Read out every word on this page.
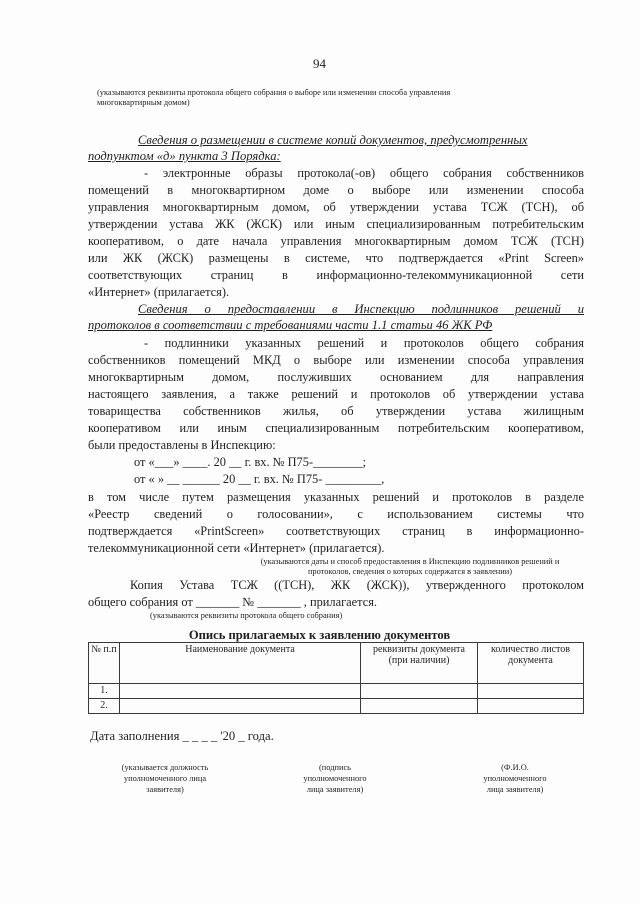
94
(указываются реквизиты протокола общего собрания о выборе или изменении способа управления
многоквартирным домом)
Сведения о размещении в системе копий документов, предусмотренных
подпунктом «д» пункта 3 Порядка:
- электронные образы протокола(-ов) общего собрания собственников
помещений в многоквартирном доме о выборе или изменении способа
управления многоквартирным домом, об утверждении устава ТСЖ (ТСН), об
утверждении устава ЖК (ЖСК) или иным специализированным потребительским
кооперативом, о дате начала управления многоквартирным домом ТСЖ (ТСН)
или ЖК (ЖСК) размещены в системе, что подтверждается «Print Screen»
соответствующих страниц в информационно-телекоммуникационной сети
«Интернет» (прилагается).
Сведения о предоставлении в Инспекцию подлинников решений и
протоколов в соответствии с требованиями части 1.1 статьи 46 ЖК РФ
- подлинники указанных решений и протоколов общего собрания
собственников помещений МКД о выборе или изменении способа управления
многоквартирным домом, послуживших основанием для направления
настоящего заявления, а также решений и протоколов об утверждении устава
товарищества собственников жилья, об утверждении устава жилищным
кооперативом или иным специализированным потребительским кооперативом,
были предоставлены в Инспекцию:
от «___» ____. 20 __ г. вх. № П75-________;
от « » __ ______ 20 __ г. вх. № П75- _________,
в том числе путем размещения указанных решений и протоколов в разделе
«Реестр сведений о голосовании», с использованием системы что
подтверждается «PrintScreen» соответствующих страниц в информационно-
телекоммуникационной сети «Интернет» (прилагается).
(указываются даты и способ предоставления в Инспекцию подлинников решений и
протоколов, сведения о которых содержатся в заявлении)
Копия Устава ТСЖ ((ТСН), ЖК (ЖСК)), утвержденного протоколом
общего собрания от _______ № _______ , прилагается.
(указываются реквизиты протокола общего собрания)
Опись прилагаемых к заявлению документов
№ п.п	Наименование документа	реквизиты документа (при наличии)	количество листов документа
1.			
2.			
Дата заполнения _ _ _ _ '20 _ года.
(указывается должность
уполномоченного лица
заявителя)
(подпись
уполномоченного
лица заявителя)
(Ф.И.О.
уполномоченного
лица заявителя)
